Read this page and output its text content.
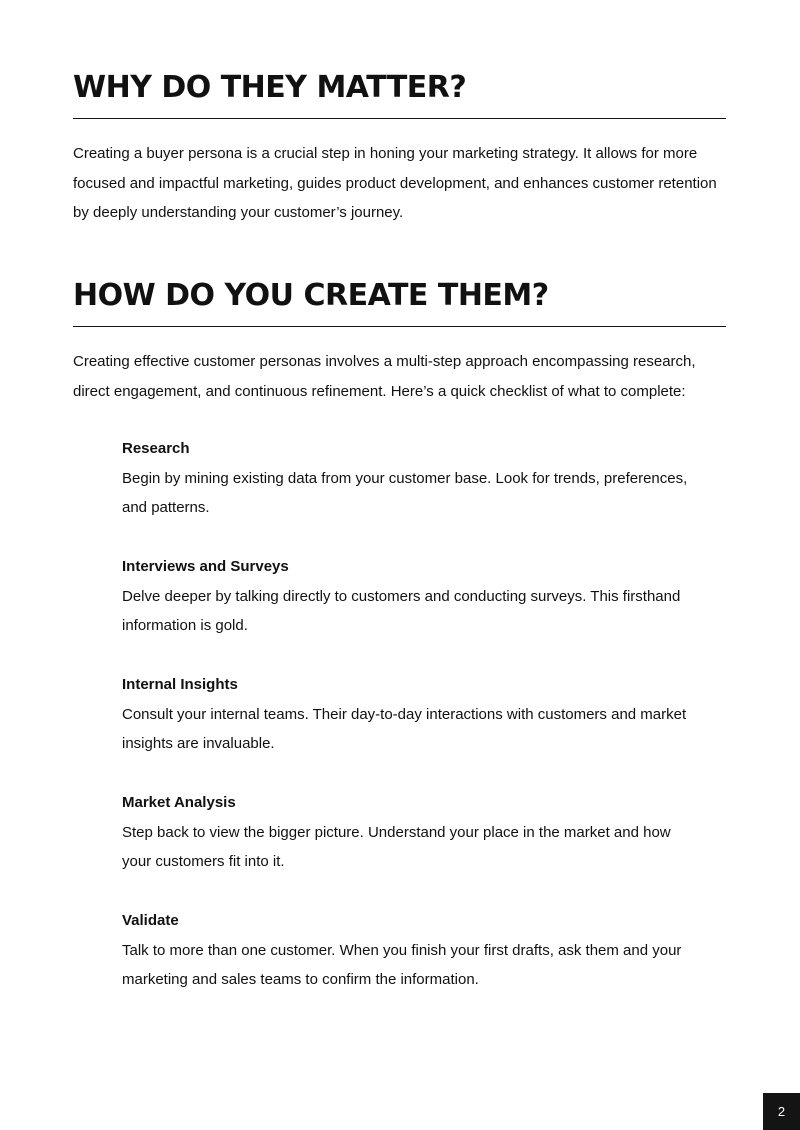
WHY DO THEY MATTER?

Creating a buyer persona is a crucial step in honing your marketing strategy. It allows for more focused and impactful marketing, guides product development, and enhances customer retention by deeply understanding your customer’s journey.

HOW DO YOU CREATE THEM?

Creating effective customer personas involves a multi-step approach encompassing research, direct engagement, and continuous refinement. Here’s a quick checklist of what to complete:

Research

Begin by mining existing data from your customer base. Look for trends, preferences, and patterns.

Interviews and Surveys

Delve deeper by talking directly to customers and conducting surveys. This firsthand information is gold.

Internal Insights

Consult your internal teams. Their day-to-day interactions with customers and market insights are invaluable.

Market Analysis

Step back to view the bigger picture. Understand your place in the market and how your customers fit into it.

Validate

Talk to more than one customer. When you finish your first drafts, ask them and your marketing and sales teams to confirm the information.

2
